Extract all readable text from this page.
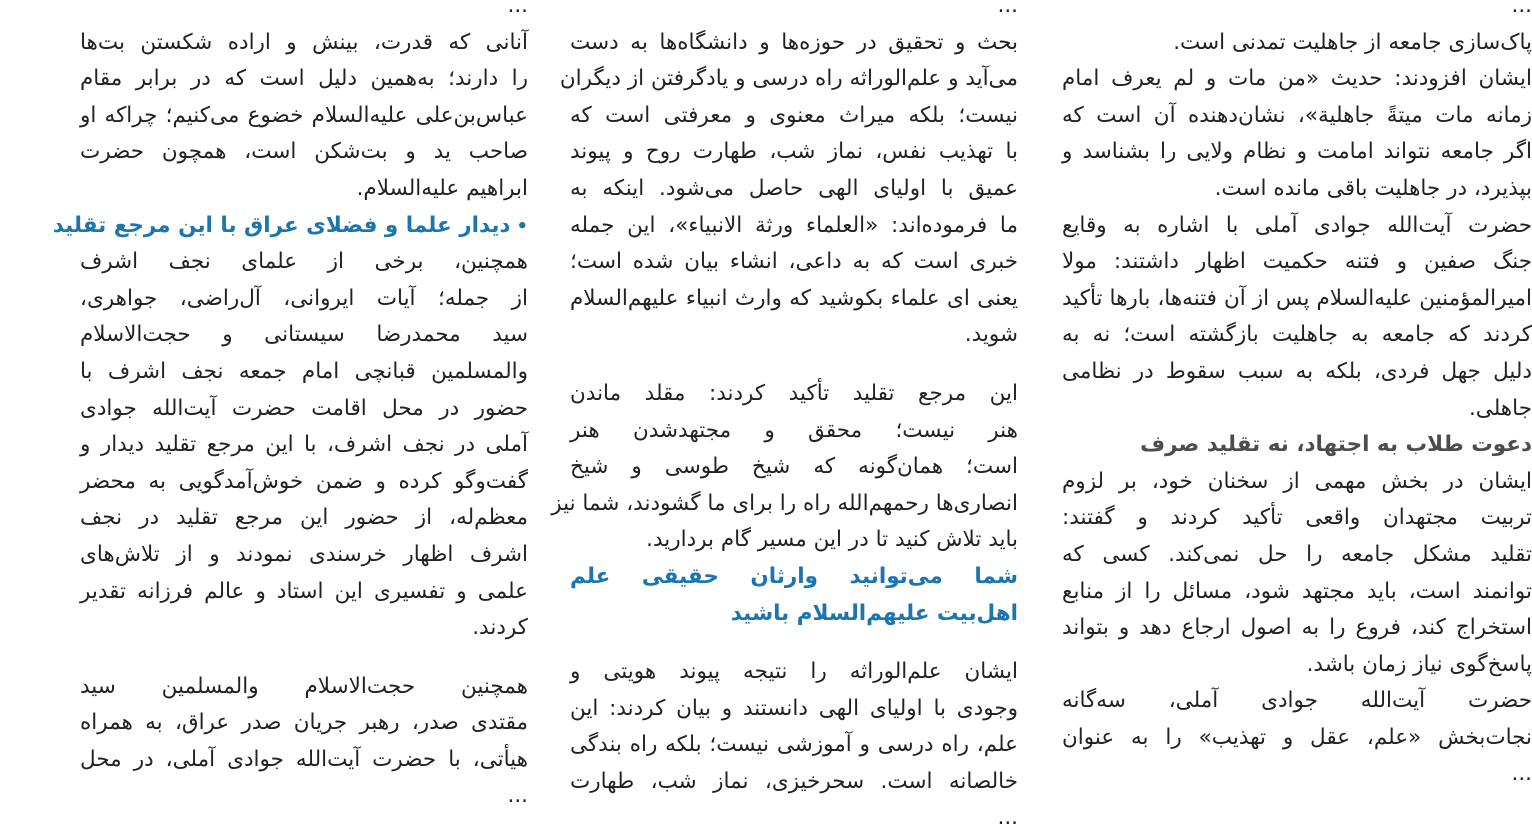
...
پاک‌سازی جامعه از جاهلیت تمدنی است.
ایشان افزودند: حدیث «من مات و لم یعرف امام
زمانه مات میتةً جاهلیة»، نشان‌دهنده آن است که
اگر جامعه نتواند امامت و نظام ولایی را بشناسد و
بپذیرد، در جاهلیت باقی مانده است.
حضرت آیت‌الله جوادی آملی با اشاره به وقایع
جنگ صفین و فتنه حکمیت اظهار داشتند: مولا
امیرالمؤمنین علیه‌السلام پس از آن فتنه‌ها، بارها تأکید
کردند که جامعه به جاهلیت بازگشته است؛ نه به
دلیل جهل فردی، بلکه به سبب سقوط در نظامی
جاهلی.
دعوت طلاب به اجتهاد، نه تقلید صرف
ایشان در بخش مهمی از سخنان خود، بر لزوم
تربیت مجتهدان واقعی تأکید کردند و گفتند:
تقلید مشکل جامعه را حل نمی‌کند. کسی که
توانمند است، باید مجتهد شود، مسائل را از منابع
استخراج کند، فروع را به اصول ارجاع دهد و بتواند
پاسخ‌گوی نیاز زمان باشد.
حضرت آیت‌الله جوادی آملی، سه‌گانه
نجات‌بخش «علم، عقل و تهذیب» را به عنوان
...
...
بحث و تحقیق در حوزه‌ها و دانشگاه‌ها به دست
می‌آید و علم‌الوراثه راه درسی و یادگرفتن از دیگران
نیست؛ بلکه میراث معنوی و معرفتی است که
با تهذیب نفس، نماز شب، طهارت روح و پیوند
عمیق با اولیای الهی حاصل می‌شود. اینکه به
ما فرموده‌اند: «العلماء ورثة الانبیاء»، این جمله
خبری است که به داعی، انشاء بیان شده است؛
یعنی ای علماء بکوشید که وارث انبیاء علیهم‌السلام
شوید.
این مرجع تقلید تأکید کردند: مقلد ماندن
هنر نیست؛ محقق و مجتهدشدن هنر
است؛ همان‌گونه که شیخ طوسی و شیخ
انصاری‌ها رحمهم‌الله راه را برای ما گشودند، شما نیز
باید تلاش کنید تا در این مسیر گام بردارید.
شما می‌توانید وارثان حقیقی علم
اهل‌بیت علیهم‌السلام باشید
ایشان علم‌الوراثه را نتیجه پیوند هویتی و
وجودی با اولیای الهی دانستند و بیان کردند: این
علم، راه درسی و آموزشی نیست؛ بلکه راه بندگی
خالصانه است. سحرخیزی، نماز شب، طهارت
...
...
آنانی که قدرت، بینش و اراده شکستن بت‌ها
را دارند؛ به‌همین دلیل است که در برابر مقام
عباس‌بن‌علی علیه‌السلام خضوع می‌کنیم؛ چراکه او
صاحب ید و بت‌شکن است، همچون حضرت
ابراهیم علیه‌السلام.
•دیدار علما و فضلای عراق با این مرجع تقلید
همچنین، برخی از علمای نجف اشرف
از جمله؛ آیات ایروانی، آل‌راضی، جواهری،
سید محمدرضا سیستانی و حجت‌الاسلام
والمسلمین قبانچی امام جمعه نجف اشرف با
حضور در محل اقامت حضرت آیت‌الله جوادی
آملی در نجف اشرف، با این مرجع تقلید دیدار و
گفت‌وگو کرده و ضمن خوش‌آمدگویی به محضر
معظم‌له، از حضور این مرجع تقلید در نجف
اشرف اظهار خرسندی نمودند و از تلاش‌های
علمی و تفسیری این استاد و عالم فرزانه تقدیر
کردند.
همچنین حجت‌الاسلام والمسلمین سید
مقتدی صدر، رهبر جریان صدر عراق، به همراه
هیأتی، با حضرت آیت‌الله جوادی آملی، در محل
...
